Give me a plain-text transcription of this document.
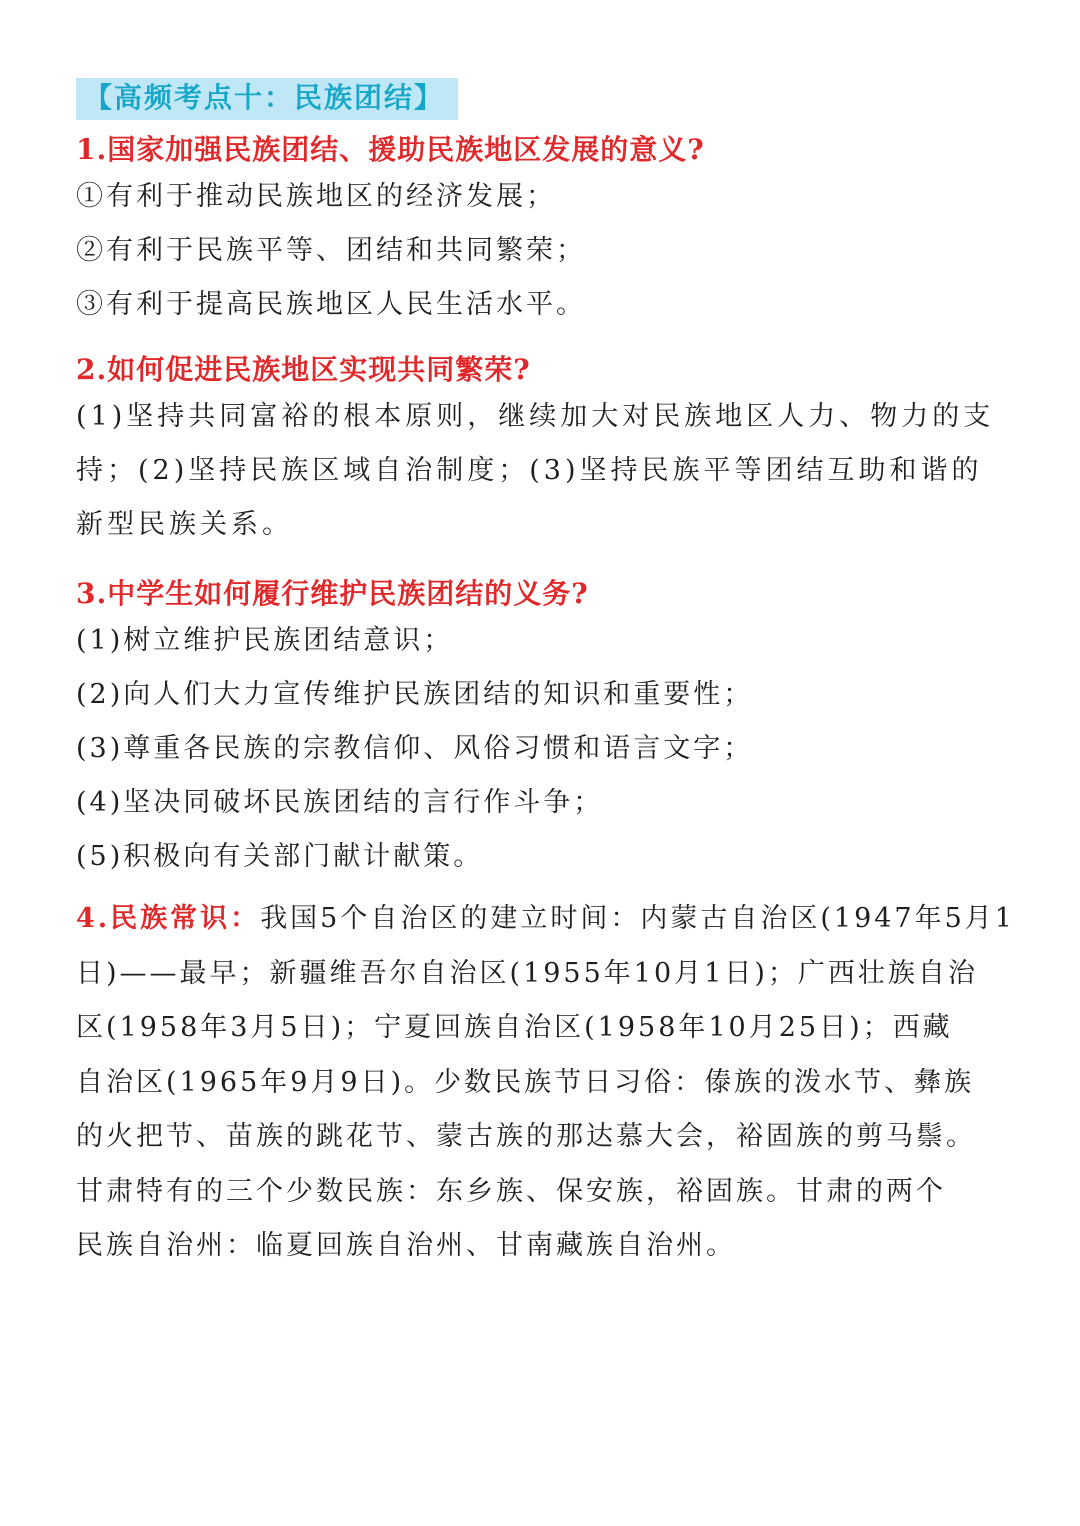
【高频考点十：民族团结】

1.国家加强民族团结、援助民族地区发展的意义?

①有利于推动民族地区的经济发展；

②有利于民族平等、团结和共同繁荣；

③有利于提高民族地区人民生活水平。

2.如何促进民族地区实现共同繁荣?

(1)坚持共同富裕的根本原则，继续加大对民族地区人力、物力的支

持；(2)坚持民族区域自治制度；(3)坚持民族平等团结互助和谐的

新型民族关系。

3.中学生如何履行维护民族团结的义务?

(1)树立维护民族团结意识；

(2)向人们大力宣传维护民族团结的知识和重要性；

(3)尊重各民族的宗教信仰、风俗习惯和语言文字；

(4)坚决同破坏民族团结的言行作斗争；

(5)积极向有关部门献计献策。

4.民族常识：我国5个自治区的建立时间：内蒙古自治区(1947年5月1

日)——最早；新疆维吾尔自治区(1955年10月1日)；广西壮族自治

区(1958年3月5日)；宁夏回族自治区(1958年10月25日)；西藏

自治区(1965年9月9日)。少数民族节日习俗：傣族的泼水节、彝族

的火把节、苗族的跳花节、蒙古族的那达慕大会，裕固族的剪马鬃。

甘肃特有的三个少数民族：东乡族、保安族，裕固族。甘肃的两个

民族自治州：临夏回族自治州、甘南藏族自治州。
